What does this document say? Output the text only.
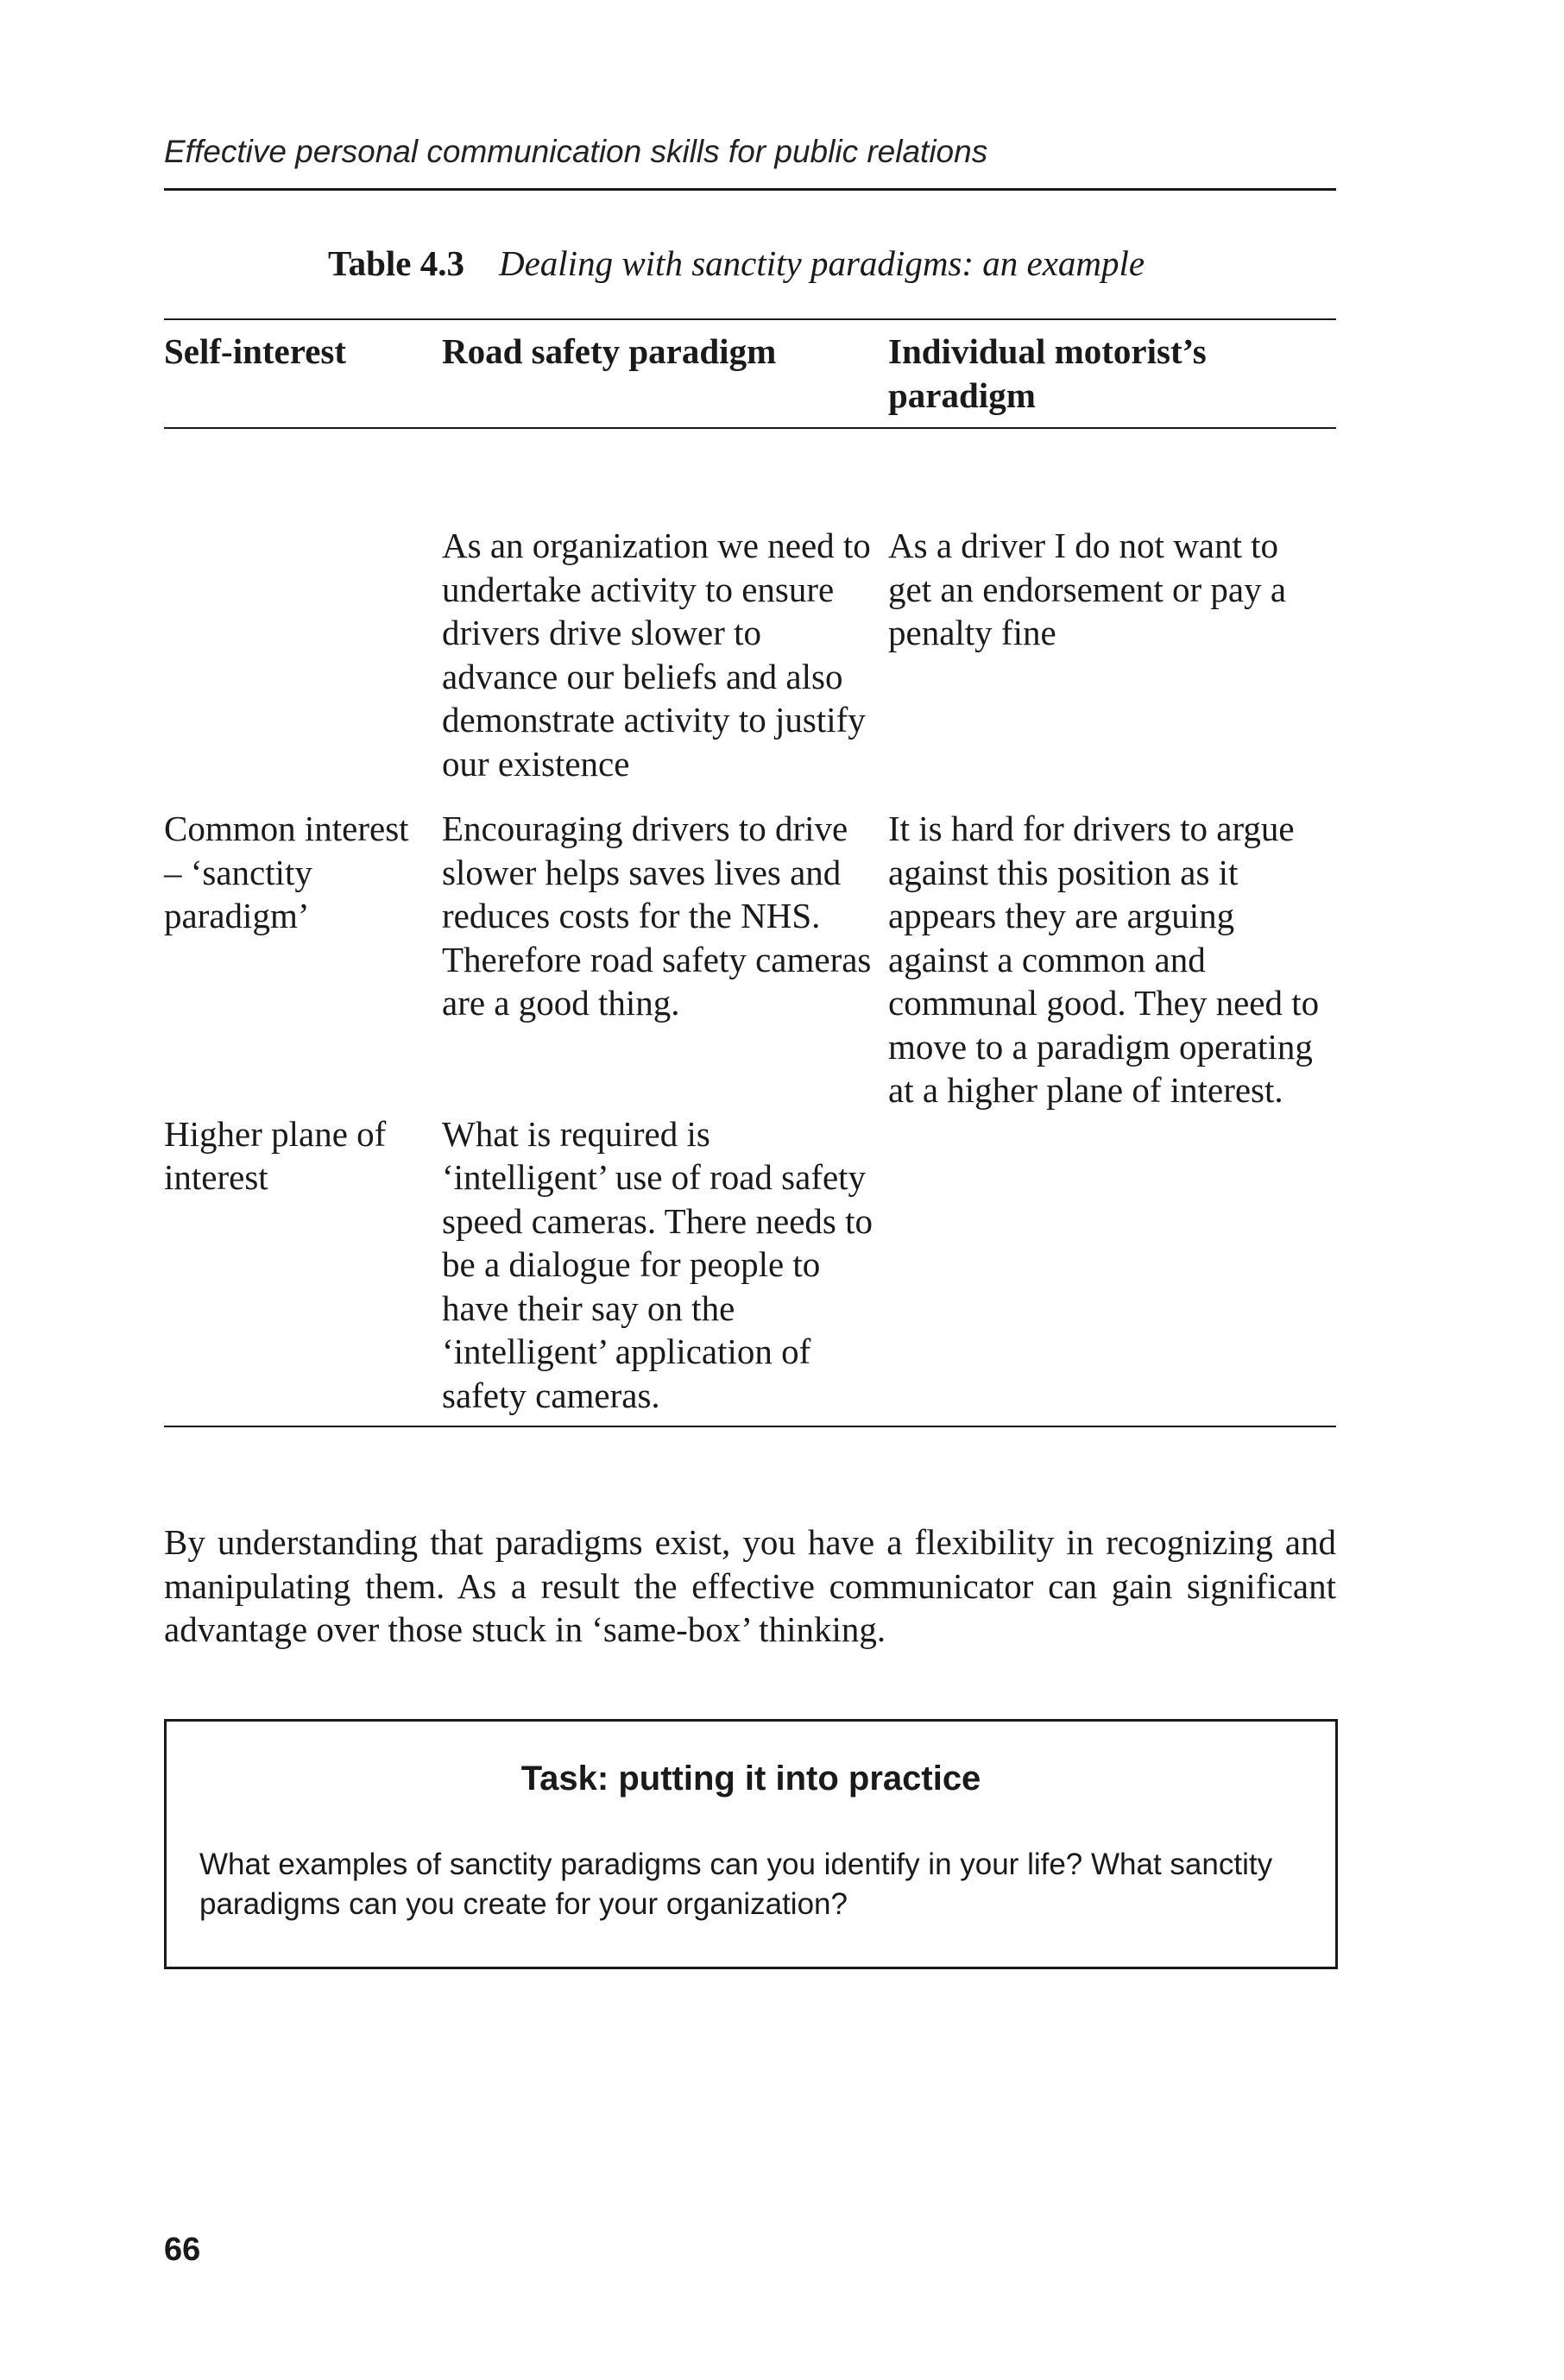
Effective personal communication skills for public relations
Table 4.3 Dealing with sanctity paradigms: an example
Self-interest	Road safety paradigm	Individual motorist’s paradigm
As an organization we need to undertake activity to ensure drivers drive slower to advance our beliefs and also demonstrate activity to justify our existence
As a driver I do not want to get an endorsement or pay a penalty fine
Common interest – ‘sanctity paradigm’
Encouraging drivers to drive slower helps saves lives and reduces costs for the NHS. Therefore road safety cameras are a good thing.
It is hard for drivers to argue against this position as it appears they are arguing against a common and communal good. They need to move to a paradigm operating at a higher plane of interest.
Higher plane of interest
What is required is ‘intelligent’ use of road safety speed cameras. There needs to be a dialogue for people to have their say on the ‘intelligent’ application of safety cameras.
By understanding that paradigms exist, you have a flexibility in recognizing and manipulating them. As a result the effective communicator can gain significant advantage over those stuck in ‘same-box’ thinking.
Task: putting it into practice
What examples of sanctity paradigms can you identify in your life? What sanctity paradigms can you create for your organization?
66
